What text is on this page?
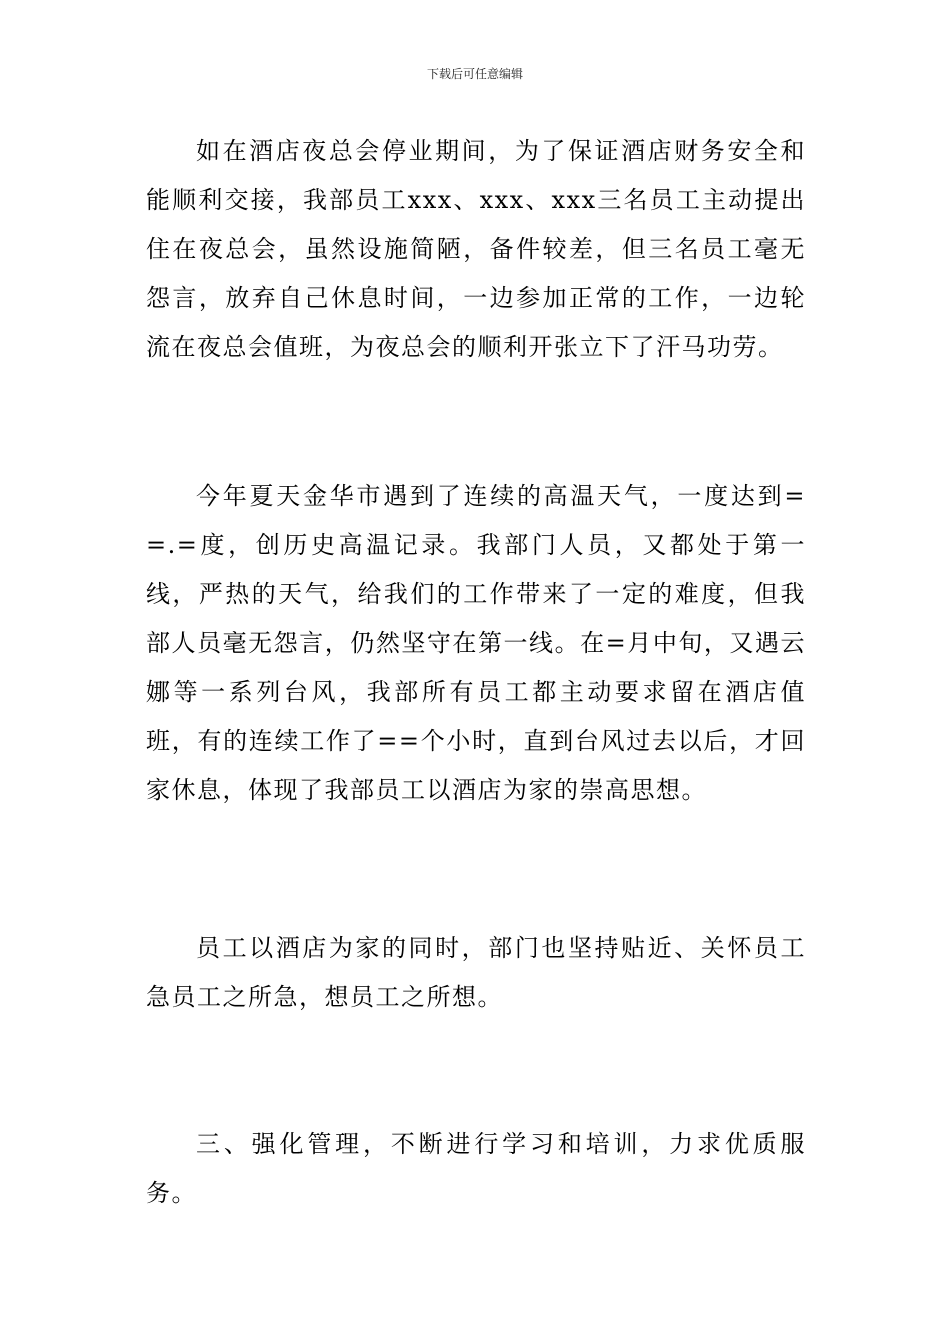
下载后可任意编辑

如在酒店夜总会停业期间，为了保证酒店财务安全和能顺利交接，我部员工xxx、xxx、xxx三名员工主动提出住在夜总会，虽然设施简陋，备件较差，但三名员工毫无怨言，放弃自己休息时间，一边参加正常的工作，一边轮流在夜总会值班，为夜总会的顺利开张立下了汗马功劳。

今年夏天金华市遇到了连续的高温天气，一度达到==.=度，创历史高温记录。我部门人员，又都处于第一线，严热的天气，给我们的工作带来了一定的难度，但我部人员毫无怨言，仍然坚守在第一线。在=月中旬，又遇云娜等一系列台风，我部所有员工都主动要求留在酒店值班，有的连续工作了==个小时，直到台风过去以后，才回家休息，体现了我部员工以酒店为家的崇高思想。

员工以酒店为家的同时，部门也坚持贴近、关怀员工急员工之所急，想员工之所想。

三、强化管理，不断进行学习和培训，力求优质服务。
